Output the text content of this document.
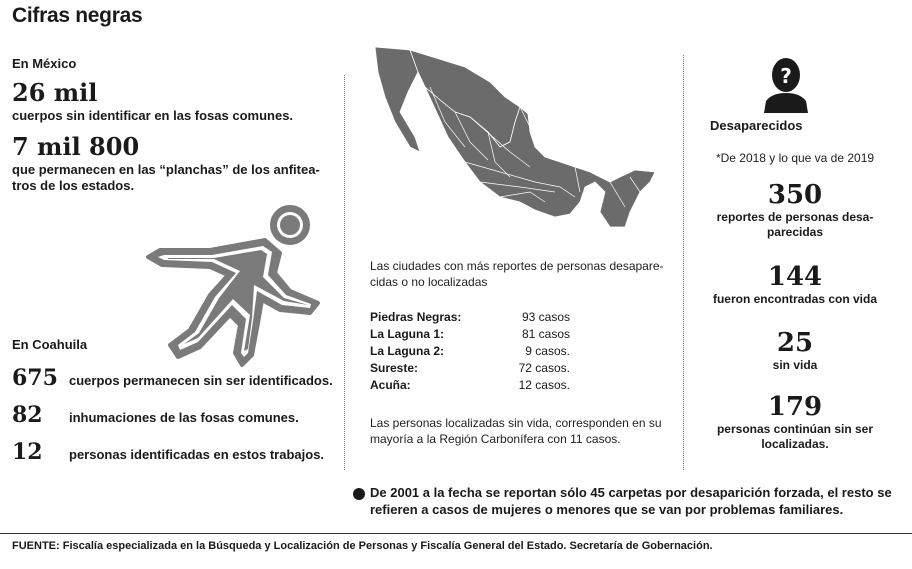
Cifras negras
En México
26 mil
cuerpos sin identificar en las fosas comunes.
7 mil 800
que permanecen en las “planchas” de los anfitea-
tros de los estados.
En Coahuila
675 cuerpos permanecen sin ser identificados.
82 inhumaciones de las fosas comunes.
12 personas identificadas en estos trabajos.
Las ciudades con más reportes de personas desapare-
cidas o no localizadas
Piedras Negras:	93 casos
La Laguna 1:	81 casos
La Laguna 2:	9 casos.
Sureste:	72 casos.
Acuña:	12 casos.
Las personas localizadas sin vida, corresponden en su
mayoría a la Región Carbonífera con 11 casos.
?
Desaparecidos
*De 2018 y lo que va de 2019
350
reportes de personas desa-
parecidas
144
fueron encontradas con vida
25
sin vida
179
personas continúan sin ser
localizadas.
De 2001 a la fecha se reportan sólo 45 carpetas por desaparición forzada, el resto se
refieren a casos de mujeres o menores que se van por problemas familiares.
FUENTE: Fiscalía especializada en la Búsqueda y Localización de Personas y Fiscalía General del Estado. Secretaría de Gobernación.
